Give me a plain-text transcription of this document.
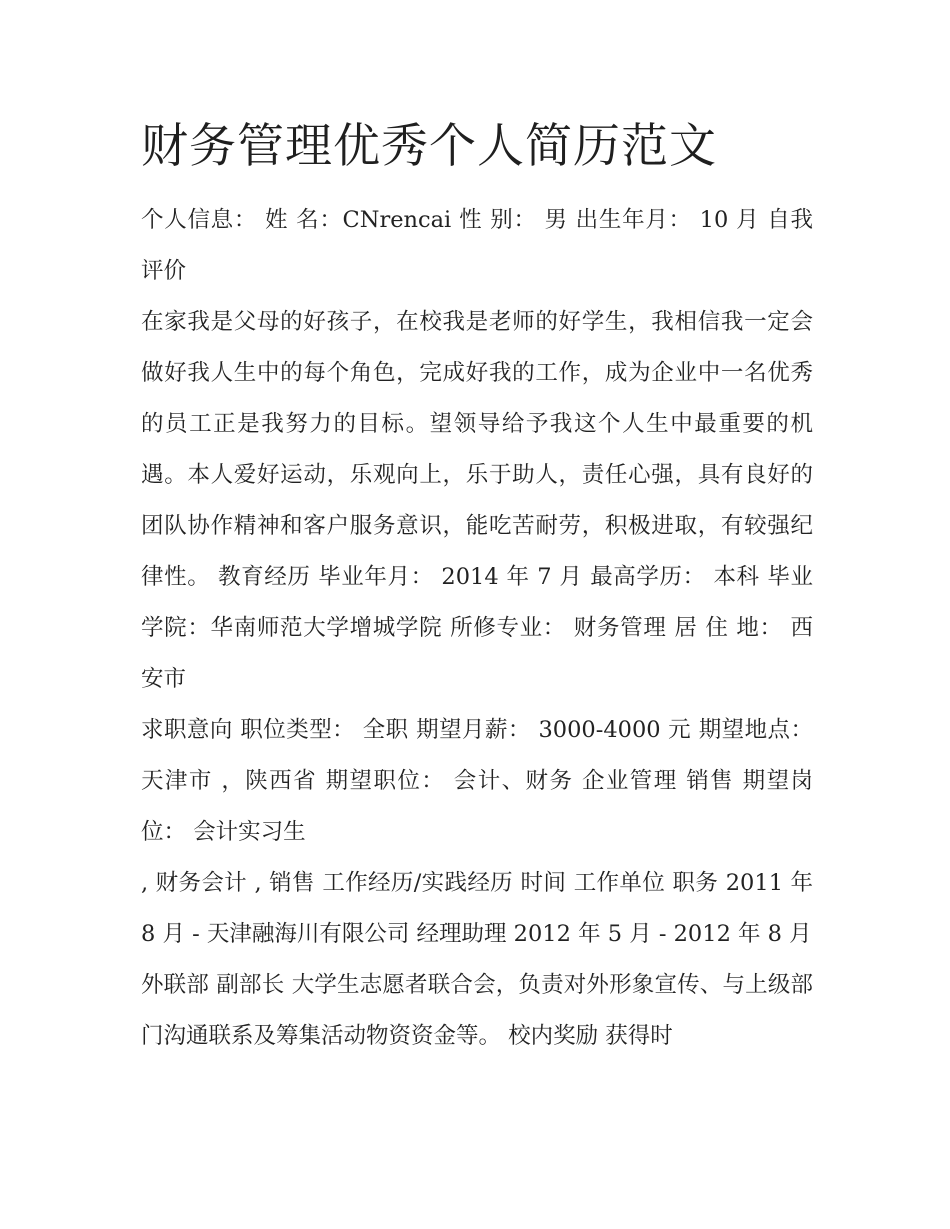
财务管理优秀个人简历范文

个人信息： 姓 名：CNrencai 性 别： 男 出生年月： 10 月 自我评价

在家我是父母的好孩子，在校我是老师的好学生，我相信我一定会做好我人生中的每个角色，完成好我的工作，成为企业中一名优秀的员工正是我努力的目标。望领导给予我这个人生中最重要的机遇。本人爱好运动，乐观向上，乐于助人，责任心强，具有良好的团队协作精神和客户服务意识，能吃苦耐劳，积极进取，有较强纪律性。 教育经历 毕业年月： 2014 年 7 月 最高学历： 本科 毕业学院：华南师范大学增城学院 所修专业： 财务管理 居 住 地： 西安市

求职意向 职位类型： 全职 期望月薪： 3000-4000 元 期望地点： 天津市 ，陕西省 期望职位： 会计、财务 企业管理 销售 期望岗位： 会计实习生

, 财务会计 , 销售 工作经历/实践经历 时间 工作单位 职务 2011 年 8 月 - 天津融海川有限公司 经理助理 2012 年 5 月 - 2012 年 8 月

外联部 副部长 大学生志愿者联合会，负责对外形象宣传、与上级部门沟通联系及筹集活动物资资金等。 校内奖励 获得时
